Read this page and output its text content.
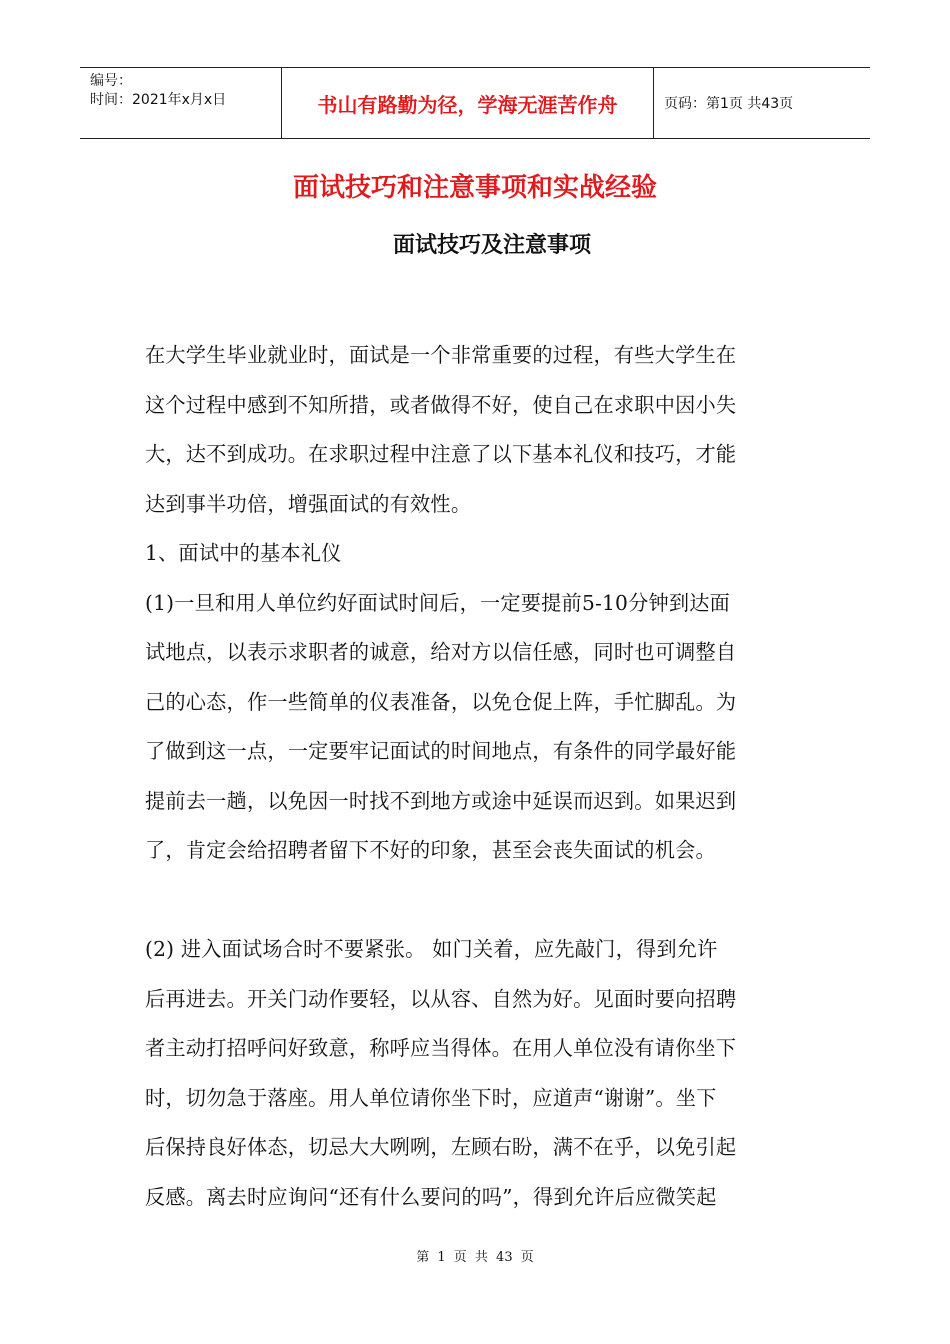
编号：
时间：2021年x月x日	书山有路勤为径，学海无涯苦作舟	页码：第1页 共43页
面试技巧和注意事项和实战经验
面试技巧及注意事项

在大学生毕业就业时，面试是一个非常重要的过程，有些大学生在
这个过程中感到不知所措，或者做得不好，使自己在求职中因小失
大，达不到成功。在求职过程中注意了以下基本礼仪和技巧，才能
达到事半功倍，增强面试的有效性。

1、面试中的基本礼仪

(1)一旦和用人单位约好面试时间后，一定要提前5-10分钟到达面
试地点，以表示求职者的诚意，给对方以信任感，同时也可调整自
己的心态，作一些简单的仪表准备，以免仓促上阵，手忙脚乱。为
了做到这一点，一定要牢记面试的时间地点，有条件的同学最好能
提前去一趟，以免因一时找不到地方或途中延误而迟到。如果迟到
了，肯定会给招聘者留下不好的印象，甚至会丧失面试的机会。

(2) 进入面试场合时不要紧张。 如门关着，应先敲门，得到允许
后再进去。开关门动作要轻，以从容、自然为好。见面时要向招聘
者主动打招呼问好致意，称呼应当得体。在用人单位没有请你坐下
时，切勿急于落座。用人单位请你坐下时，应道声“谢谢”。坐下
后保持良好体态，切忌大大咧咧，左顾右盼，满不在乎，以免引起
反感。离去时应询问“还有什么要问的吗”，得到允许后应微笑起

第 1 页 共 43 页
